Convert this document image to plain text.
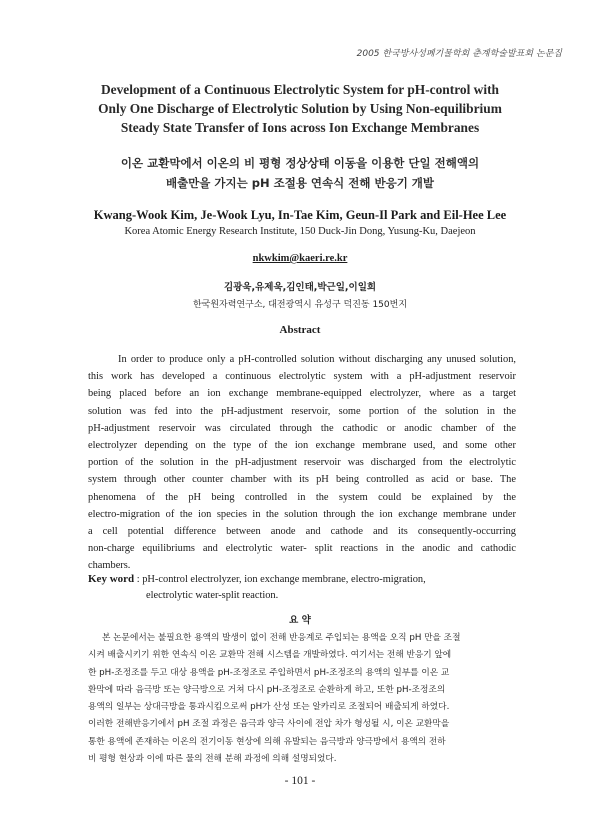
2005 한국방사성폐기물학회 춘계학술발표회 논문집
Development of a Continuous Electrolytic System for pH-control with
Only One Discharge of Electrolytic Solution by Using Non-equilibrium
Steady State Transfer of Ions across Ion Exchange Membranes
이온 교환막에서 이온의 비 평형 정상상태 이동을 이용한 단일 전해액의
배출만을 가지는 pH 조절용 연속식 전해 반응기 개발
Kwang-Wook Kim, Je-Wook Lyu, In-Tae Kim, Geun-Il Park and Eil-Hee Lee
Korea Atomic Energy Research Institute, 150 Duck-Jin Dong, Yusung-Ku, Daejeon
nkwkim@kaeri.re.kr
김광욱,유제욱,김인태,박근일,이일희
한국원자력연구소, 대전광역시 유성구 덕진동 150번지
Abstract
In order to produce only a pH-controlled solution without discharging any unused solution,
this work has developed a continuous electrolytic system with a pH-adjustment reservoir
being placed before an ion exchange membrane-equipped electrolyzer, where as a target
solution was fed into the pH-adjustment reservoir, some portion of the solution in the
pH-adjustment reservoir was circulated through the cathodic or anodic chamber of the
electrolyzer depending on the type of the ion exchange membrane used, and some other
portion of the solution in the pH-adjustment reservoir was discharged from the electrolytic
system through other counter chamber with its pH being controlled as acid or base. The
phenomena of the pH being controlled in the system could be explained by the
electro-migration of the ion species in the solution through the ion exchange membrane under
a cell potential difference between anode and cathode and its consequently-occurring
non-charge equilibriums and electrolytic water- split reactions in the anodic and cathodic
chambers.
Key word : pH-control electrolyzer, ion exchange membrane, electro-migration,
electrolytic water-split reaction.
요 약
본 논문에서는 불필요한 용액의 발생이 없이 전해 반응계로 주입되는 용액을 오직 pH 만을 조절
시켜 배출시키기 위한 연속식 이온 교환막 전해 시스템을 개발하였다. 여기서는 전해 반응기 앞에
한 pH-조정조를 두고 대상 용액을 pH-조정조로 주입하면서 pH-조정조의 용액의 일부를 이온 교
환막에 따라 음극방 또는 양극방으로 거쳐 다시 pH-조정조로 순환하게 하고, 또한 pH-조정조의
용액의 일부는 상대극방을 통과시킴으로써 pH가 산성 또는 알카리로 조절되어 배출되게 하였다.
이러한 전해반응기에서 pH 조절 과정은 음극과 양극 사이에 전압 차가 형성될 시, 이온 교환막을
통한 용액에 존재하는 이온의 전기이동 현상에 의해 유발되는 음극방과 양극방에서 용액의 전하
비 평형 현상과 이에 따른 물의 전해 분해 과정에 의해 설명되었다.
- 101 -
